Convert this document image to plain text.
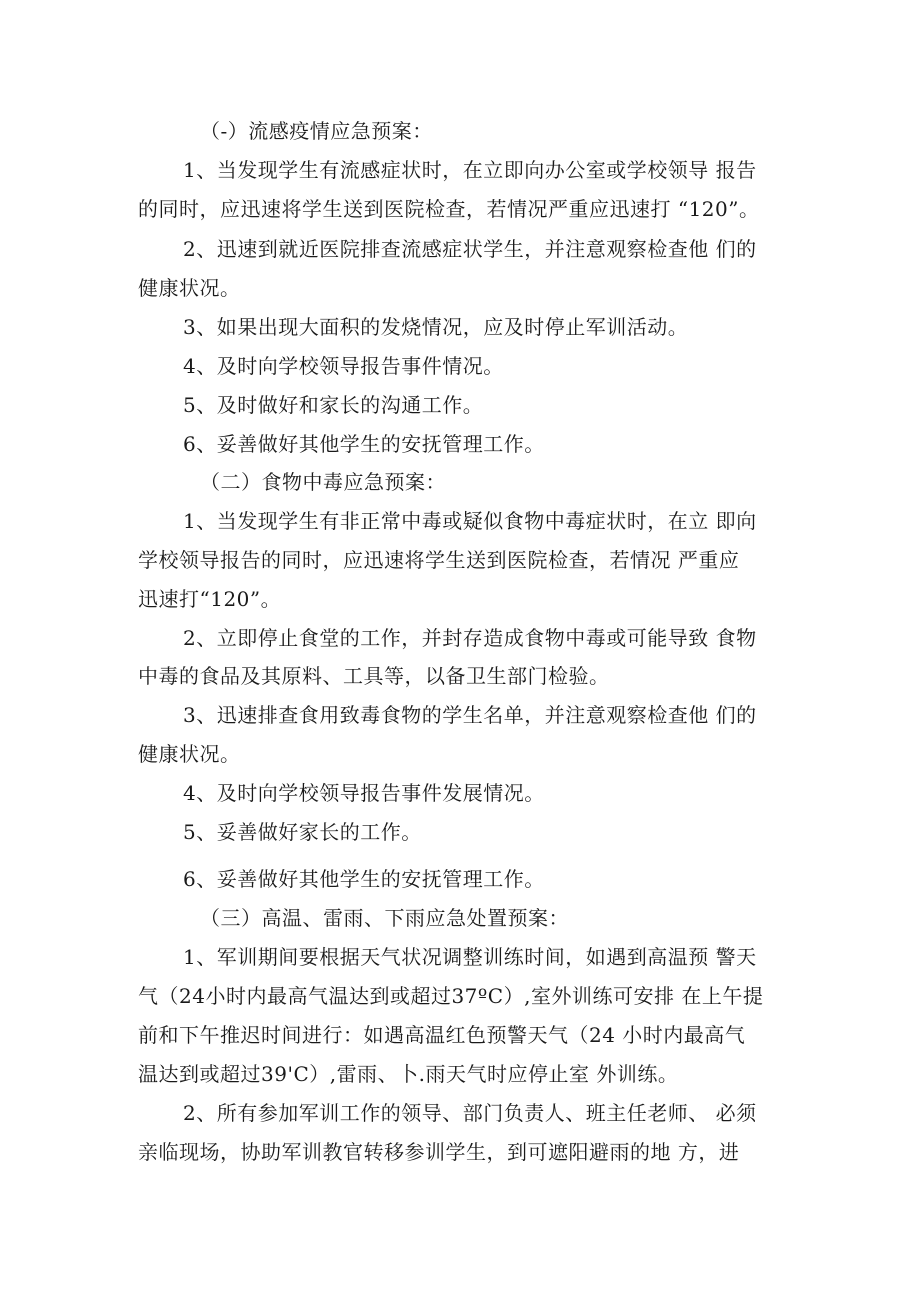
（-）流感疫情应急预案：
1、当发现学生有流感症状时，在立即向办公室或学校领导 报告
的同时，应迅速将学生送到医院检查，若情况严重应迅速打 “120”。
2、迅速到就近医院排查流感症状学生，并注意观察检查他 们的
健康状况。
3、如果出现大面积的发烧情况，应及时停止军训活动。
4、及时向学校领导报告事件情况。
5、及时做好和家长的沟通工作。
6、妥善做好其他学生的安抚管理工作。
（二）食物中毒应急预案：
1、当发现学生有非正常中毒或疑似食物中毒症状时，在立 即向
学校领导报告的同时，应迅速将学生送到医院检查，若情况 严重应
迅速打“120”。
2、立即停止食堂的工作，并封存造成食物中毒或可能导致 食物
中毒的食品及其原料、工具等，以备卫生部门检验。
3、迅速排查食用致毒食物的学生名单，并注意观察检查他 们的
健康状况。
4、及时向学校领导报告事件发展情况。
5、妥善做好家长的工作。
6、妥善做好其他学生的安抚管理工作。
（三）高温、雷雨、下雨应急处置预案：
1、军训期间要根据天气状况调整训练时间，如遇到高温预 警天
气（24小时内最高气温达到或超过37ºC）,室外训练可安排 在上午提
前和下午推迟时间进行：如遇高温红色预警天气（24 小时内最高气
温达到或超过39'C）,雷雨、卜.雨天气时应停止室 外训练。
2、所有参加军训工作的领导、部门负责人、班主任老师、 必须
亲临现场，协助军训教官转移参训学生，到可遮阳避雨的地 方，进
